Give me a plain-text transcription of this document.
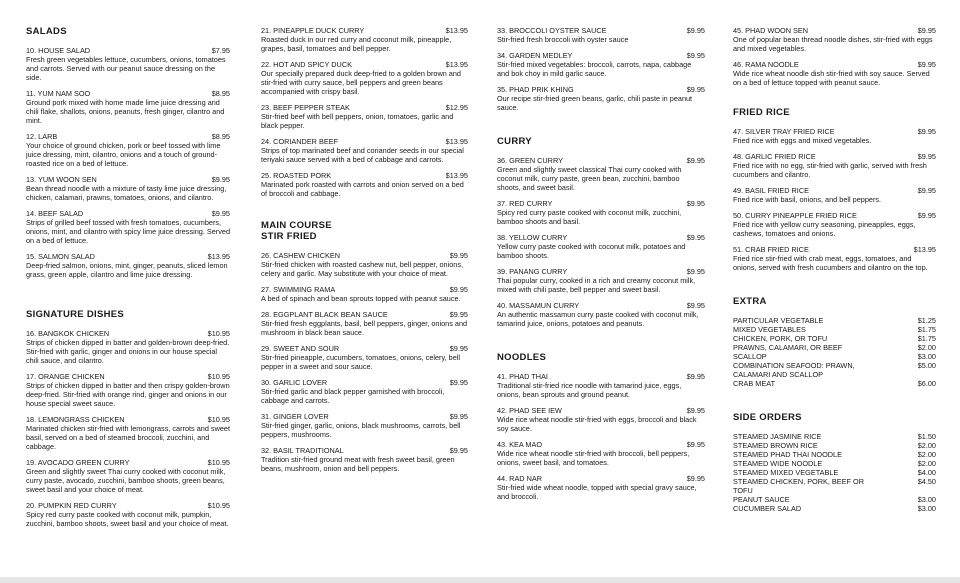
SALADS
10. HOUSE SALAD	$7.95
Fresh green vegetables lettuce, cucumbers, onions, tomatoes and carrots. Served with our peanut sauce dressing on the side.
11. YUM NAM SOO	$8.95
Ground pork mixed with home made lime juice dressing and chili flake, shallots, onions, peanuts, fresh ginger, cilantro and mint.
12. LARB	$8.95
Your choice of ground chicken, pork or beef tossed with lime juice dressing, mint, cilantro, onions and a touch of ground-roasted rice on a bed of lettuce.
13. YUM WOON SEN	$9.95
Bean thread noodle with a mixture of tasty lime juice dressing, chicken, calamari, prawns, tomatoes, onions, and cilantro.
14. BEEF SALAD	$9.95
Strips of grilled beef tossed with fresh tomatoes, cucumbers, onions, mint, and cilantro with spicy lime juice dressing. Served on a bed of lettuce.
15. SALMON SALAD	$13.95
Deep-fried salmon, onions, mint, ginger, peanuts, sliced lemon grass, green apple, cilantro and lime juice dressing.
SIGNATURE DISHES
16. BANGKOK CHICKEN	$10.95
Strips of chicken dipped in batter and golden-brown deep-fried. Stir-fried with garlic, ginger and onions in our house special chili sauce, and cilantro.
17. ORANGE CHICKEN	$10.95
Strips of chicken dipped in batter and then crispy golden-brown deep-fried. Stir-fried with orange rind, ginger and onions in our house special sweet sauce.
18. LEMONGRASS CHICKEN	$10.95
Marinated chicken stir-fried with lemongrass, carrots and sweet basil, served on a bed of steamed broccoli, zucchini, and cabbage.
19. AVOCADO GREEN CURRY	$10.95
Green and slightly sweet Thai curry cooked with coconut milk, curry paste, avocado, zucchini, bamboo shoots, green beans, sweet basil and your choice of meat.
20. PUMPKIN RED CURRY	$10.95
Spicy red curry paste cooked with coconut milk, pumpkin, zucchini, bamboo shoots, sweet basil and your choice of meat.
21. PINEAPPLE DUCK CURRY	$13.95
Roasted duck in our red curry and coconut milk, pineapple, grapes, basil, tomatoes and bell pepper.
22. HOT AND SPICY DUCK	$13.95
Our specially prepared duck deep-fried to a golden brown and stir-fried with curry sauce, bell peppers and green beans accompanied with crispy basil.
23. BEEF PEPPER STEAK	$12.95
Stir-fried beef with bell peppers, onion, tomatoes, garlic and black pepper.
24. CORIANDER BEEF	$13.95
Strips of top marinated beef and coriander seeds in our special teriyaki sauce served with a bed of cabbage and carrots.
25. ROASTED PORK	$13.95
Marinated pork roasted with carrots and onion served on a bed of broccoli and cabbage.
MAIN COURSE
STIR FRIED
26. CASHEW CHICKEN	$9.95
Stir-fried chicken with roasted cashew nut, bell pepper, onions, celery and garlic. May substitute with your choice of meat.
27. SWIMMING RAMA	$9.95
A bed of spinach and bean sprouts topped with peanut sauce.
28. EGGPLANT BLACK BEAN SAUCE	$9.95
Stir-fried fresh eggplants, basil, bell peppers, ginger, onions and mushroom in black bean sauce.
29. SWEET AND SOUR	$9.95
Stir-fried pineapple, cucumbers, tomatoes, onions, celery, bell pepper in a sweet and sour sauce.
30. GARLIC LOVER	$9.95
Stir-fried garlic and black pepper garnished with broccoli, cabbage and carrots.
31. GINGER LOVER	$9.95
Stir-fried ginger, garlic, onions, black mushrooms, carrots, bell peppers, mushrooms.
32. BASIL TRADITIONAL	$9.95
Tradition stir-fried ground meat with fresh sweet basil, green beans, mushroom, onion and bell peppers.
33. BROCCOLI OYSTER SAUCE	$9.95
Stir-fried fresh broccoli with oyster sauce
34. GARDEN MEDLEY	$9.95
Stir-fried mixed vegetables: broccoli, carrots, napa, cabbage and bok choy in mild garlic sauce.
35. PHAD PRIK KHING	$9.95
Our recipe stir-fried green beans, garlic, chili paste in peanut sauce.
CURRY
36. GREEN CURRY	$9.95
Green and slightly sweet classical Thai curry cooked with coconut milk, curry paste, green bean, zucchini, bamboo shoots, and sweet basil.
37. RED CURRY	$9.95
Spicy red curry paste cooked with coconut milk, zucchini, bamboo shoots and basil.
38. YELLOW CURRY	$9.95
Yellow curry paste cooked with coconut milk, potatoes and bamboo shoots.
39. PANANG CURRY	$9.95
Thai popular curry, cooked in a rich and creamy coconut milk, mixed with chili paste, bell pepper and sweet basil.
40. MASSAMUN CURRY	$9.95
An authentic massamun curry paste cooked with coconut milk, tamarind juice, onions, potatoes and peanuts.
NOODLES
41. PHAD THAI	$9.95
Traditional stir-fried rice noodle with tamarind juice, eggs, onions, bean sprouts and ground peanut.
42. PHAD SEE IEW	$9.95
Wide rice wheat noodle stir-fried with eggs, broccoli and black soy sauce.
43. KEA MAO	$9.95
Wide rice wheat noodle stir-fried with broccoli, bell peppers, onions, sweet basil, and tomatoes.
44. RAD NAR	$9.95
Stir-fried wide wheat noodle, topped with special gravy sauce, and broccoli.
45. PHAD WOON SEN	$9.95
One of popular bean thread noodle dishes, stir-fried with eggs and mixed vegetables.
46. RAMA NOODLE	$9.95
Wide rice wheat noodle dish stir-fried with soy sauce. Served on a bed of lettuce topped with peanut sauce.
FRIED RICE
47. SILVER TRAY FRIED RICE	$9.95
Fried rice with eggs and mixed vegetables.
48. GARLIC FRIED RICE	$9.95
Fried rice with no egg, stir-fried with garlic, served with fresh cucumbers and cilantro.
49. BASIL FRIED RICE	$9.95
Fried rice with basil, onions, and bell peppers.
50. CURRY PINEAPPLE FRIED RICE	$9.95
Fried rice with yellow curry seasoning, pineapples, eggs, cashews, tomatoes and onions.
51. CRAB FRIED RICE	$13.95
Fried rice stir-fried with crab meat, eggs, tomatoes, and onions, served with fresh cucumbers and cilantro on the top.
EXTRA
PARTICULAR VEGETABLE	$1.25
MIXED VEGETABLES	$1.75
CHICKEN, PORK, OR TOFU	$1.75
PRAWNS, CALAMARI, OR BEEF	$2.00
SCALLOP	$3.00
COMBINATION SEAFOOD: PRAWN, CALAMARI AND SCALLOP
$5.00
CRAB MEAT	$6.00
SIDE ORDERS
STEAMED JASMINE RICE	$1.50
STEAMED BROWN RICE	$2.00
STEAMED PHAD THAI NOODLE	$2.00
STEAMED WIDE NOODLE	$2.00
STEAMED MIXED VEGETABLE	$4.00
STEAMED CHICKEN, PORK, BEEF OR TOFU
$4.50
PEANUT SAUCE	$3.00
CUCUMBER SALAD	$3.00
